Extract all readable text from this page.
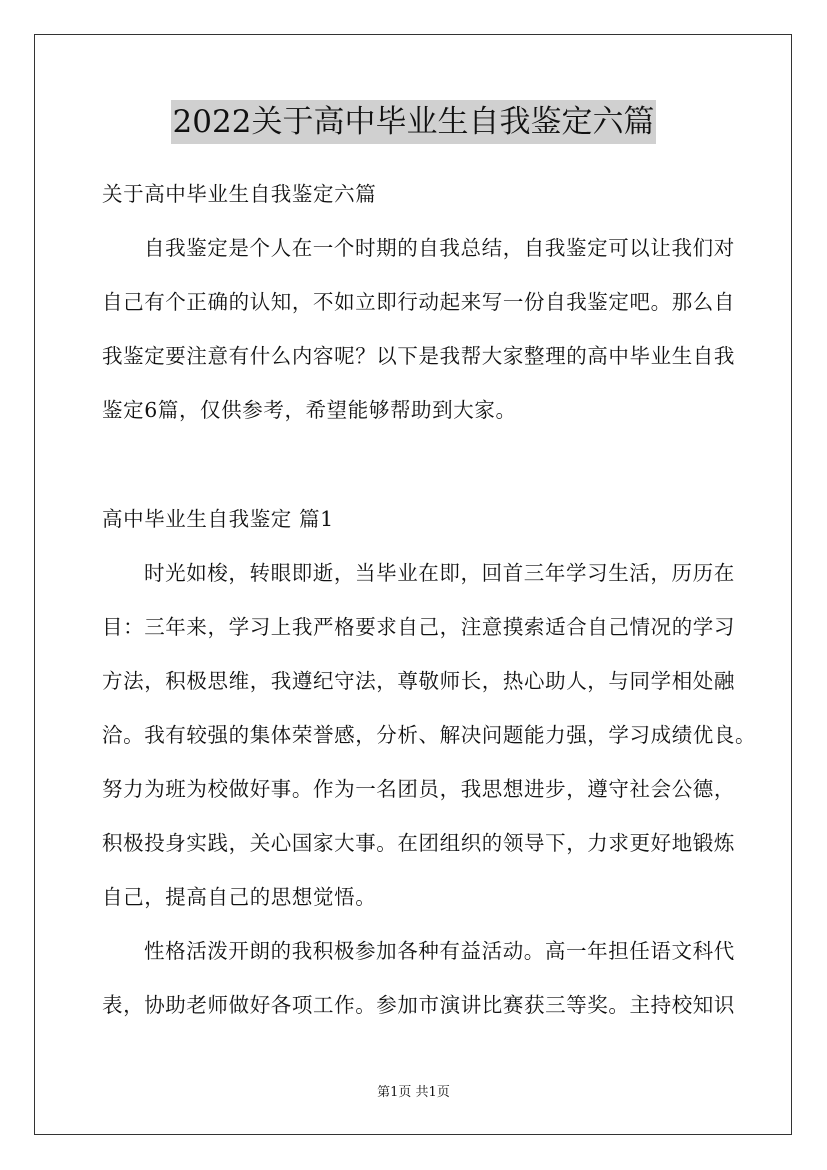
2022关于高中毕业生自我鉴定六篇
关于高中毕业生自我鉴定六篇
自我鉴定是个人在一个时期的自我总结，自我鉴定可以让我们对
自己有个正确的认知，不如立即行动起来写一份自我鉴定吧。那么自
我鉴定要注意有什么内容呢？以下是我帮大家整理的高中毕业生自我
鉴定6篇，仅供参考，希望能够帮助到大家。
高中毕业生自我鉴定 篇1
时光如梭，转眼即逝，当毕业在即，回首三年学习生活，历历在
目：三年来，学习上我严格要求自己，注意摸索适合自己情况的学习
方法，积极思维，我遵纪守法，尊敬师长，热心助人，与同学相处融
洽。我有较强的集体荣誉感，分析、解决问题能力强，学习成绩优良。
努力为班为校做好事。作为一名团员，我思想进步，遵守社会公德，
积极投身实践，关心国家大事。在团组织的领导下，力求更好地锻炼
自己，提高自己的思想觉悟。
性格活泼开朗的我积极参加各种有益活动。高一年担任语文科代
表，协助老师做好各项工作。参加市演讲比赛获三等奖。主持校知识
第1页 共1页
